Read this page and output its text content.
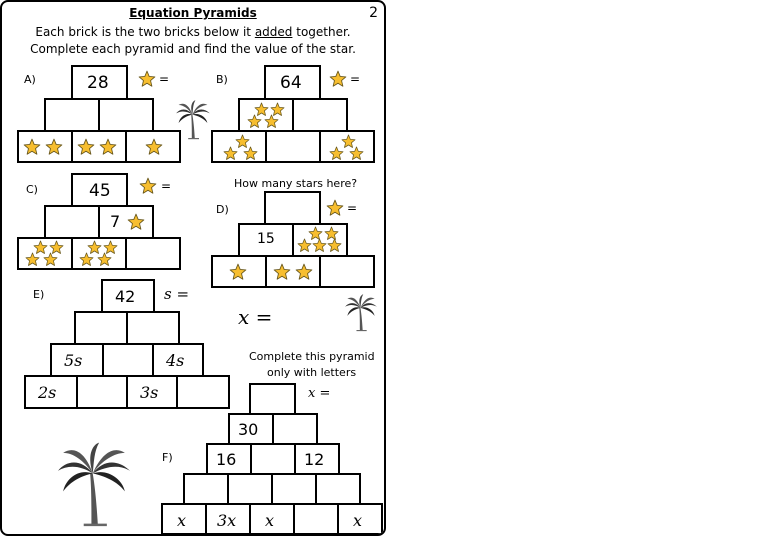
Equation Pyramids	2
Each brick is the two bricks below it added together.
Complete each pyramid and find the value of the star.
A)	28	=	B)	64	=
C)	45	=
7
How many stars here?
D)	=
15
E)	42 s =
x =
5s	4s
2s	3s
Complete this pyramid
only with letters
x =
F)
30
16	12
x 3x x	x
